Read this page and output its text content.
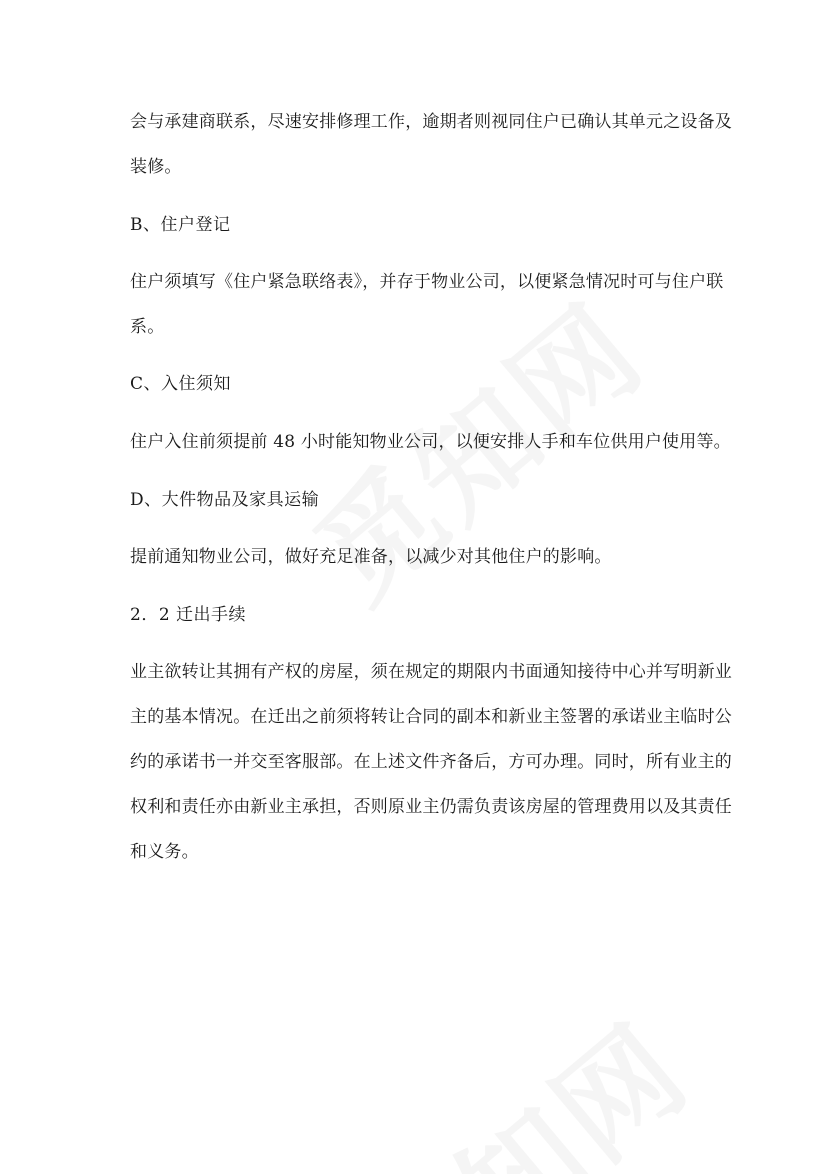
会与承建商联系，尽速安排修理工作，逾期者则视同住户已确认其单元之设备及
装修。
B、住户登记
住户须填写《住户紧急联络表》，并存于物业公司，以便紧急情况时可与住户联
系。
C、入住须知
住户入住前须提前 48 小时能知物业公司，以便安排人手和车位供用户使用等。
D、大件物品及家具运输
提前通知物业公司，做好充足准备，以减少对其他住户的影响。
2．2 迁出手续
业主欲转让其拥有产权的房屋，须在规定的期限内书面通知接待中心并写明新业
主的基本情况。在迁出之前须将转让合同的副本和新业主签署的承诺业主临时公
约的承诺书一并交至客服部。在上述文件齐备后，方可办理。同时，所有业主的
权利和责任亦由新业主承担，否则原业主仍需负责该房屋的管理费用以及其责任
和义务。
